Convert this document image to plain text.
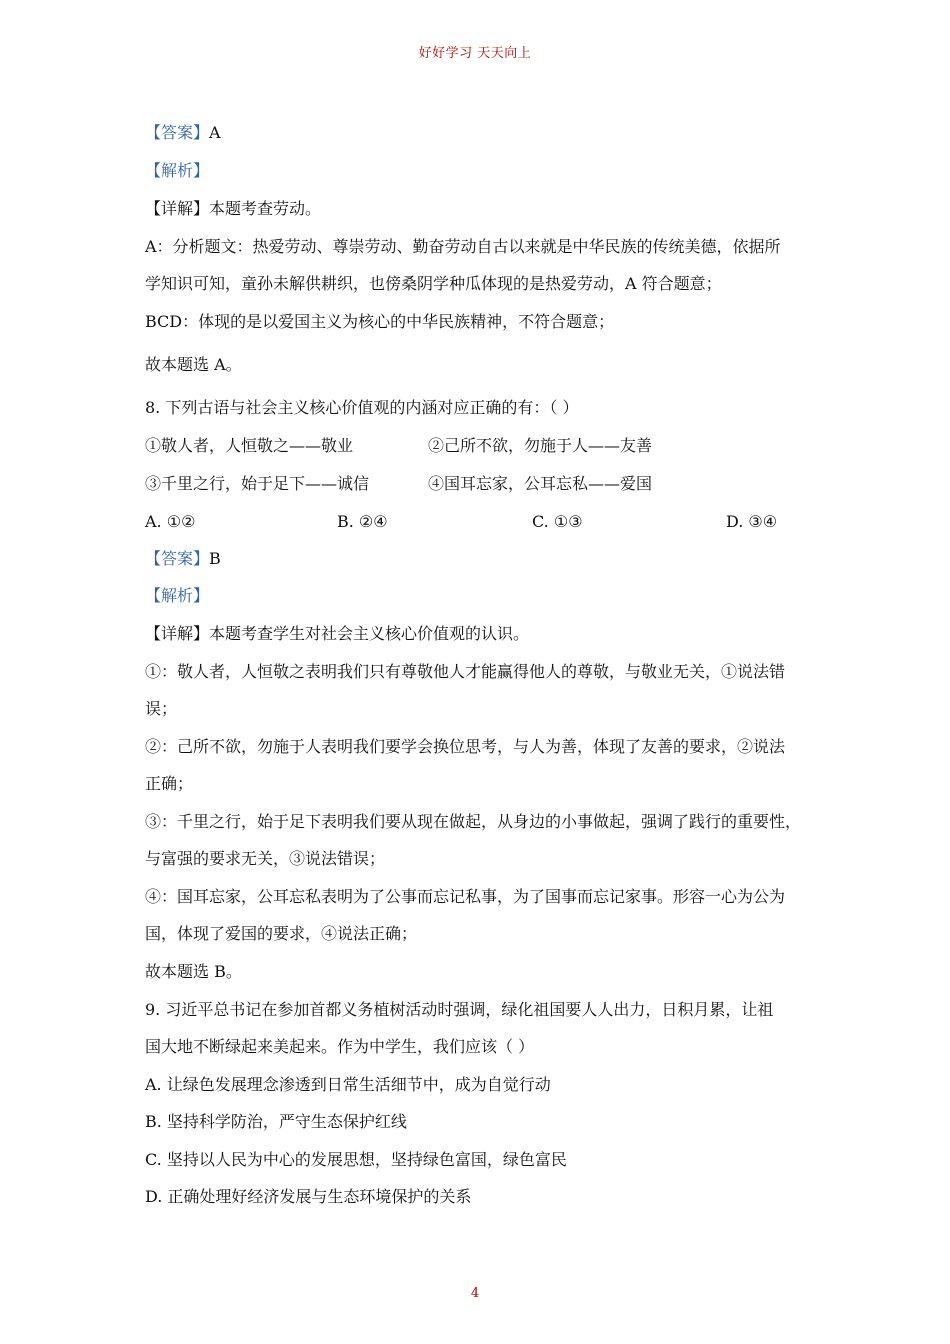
好好学习 天天向上

【答案】A

【解析】

【详解】本题考查劳动。

A：分析题文：热爱劳动、尊崇劳动、勤奋劳动自古以来就是中华民族的传统美德，依据所

学知识可知，童孙未解供耕织，也傍桑阴学种瓜体现的是热爱劳动，A 符合题意；

BCD：体现的是以爱国主义为核心的中华民族精神，不符合题意；

故本题选 A。

8. 下列古语与社会主义核心价值观的内涵对应正确的有：（ ）

①敬人者，人恒敬之——敬业	②己所不欲，勿施于人——友善

③千里之行，始于足下——诚信	④国耳忘家，公耳忘私——爱国

A. ①②	B. ②④	C. ①③	D. ③④

【答案】B

【解析】

【详解】本题考查学生对社会主义核心价值观的认识。

①：敬人者，人恒敬之表明我们只有尊敬他人才能赢得他人的尊敬，与敬业无关，①说法错

误；

②：己所不欲，勿施于人表明我们要学会换位思考，与人为善，体现了友善的要求，②说法

正确；

③：千里之行，始于足下表明我们要从现在做起，从身边的小事做起，强调了践行的重要性，

与富强的要求无关，③说法错误；

④：国耳忘家，公耳忘私表明为了公事而忘记私事，为了国事而忘记家事。形容一心为公为

国，体现了爱国的要求，④说法正确；

故本题选 B。

9. 习近平总书记在参加首都义务植树活动时强调，绿化祖国要人人出力，日积月累，让祖

国大地不断绿起来美起来。作为中学生，我们应该（ ）

A. 让绿色发展理念渗透到日常生活细节中，成为自觉行动

B. 坚持科学防治，严守生态保护红线

C. 坚持以人民为中心的发展思想，坚持绿色富国，绿色富民

D. 正确处理好经济发展与生态环境保护的关系

4
